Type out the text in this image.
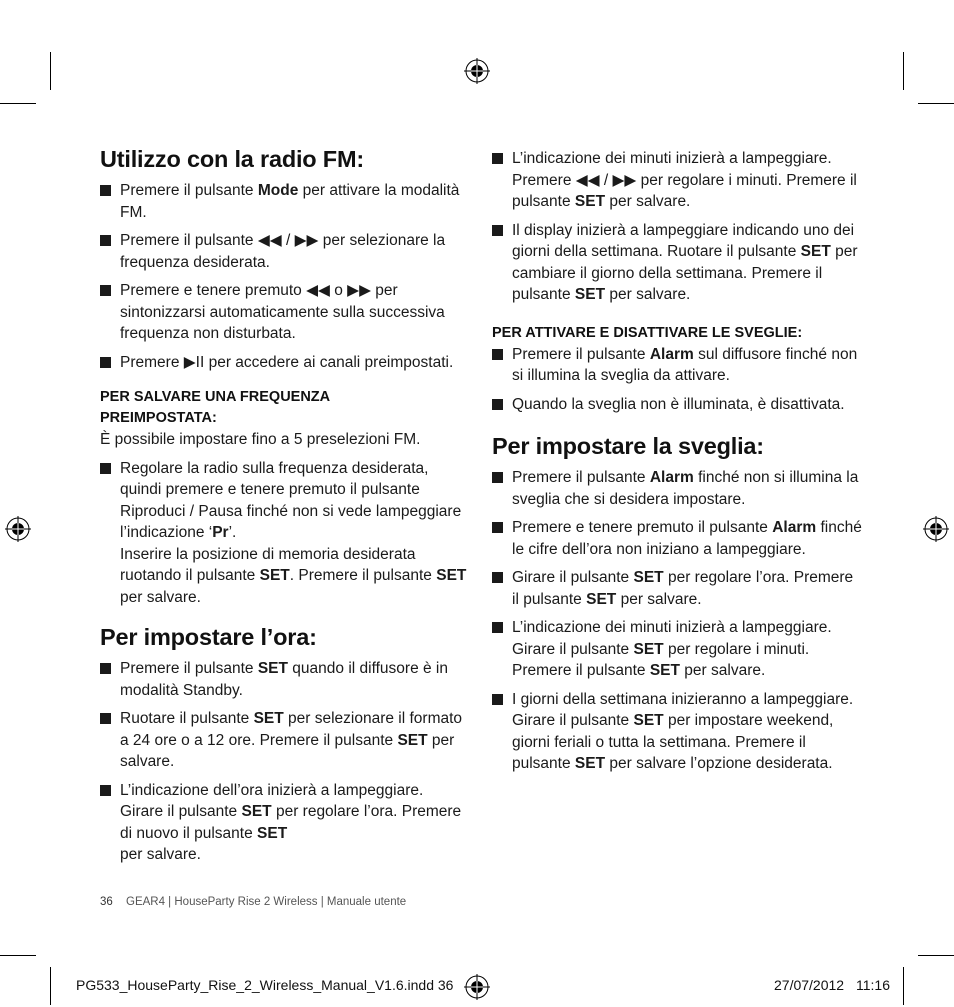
Utilizzo con la radio FM:
Premere il pulsante Mode per attivare la modalità FM.
Premere il pulsante ◀◀ / ▶▶ per selezionare la frequenza desiderata.
Premere e tenere premuto ◀◀ o ▶▶ per sintonizzarsi automaticamente sulla successiva frequenza non disturbata.
Premere ▶II per accedere ai canali preimpostati.
PER SALVARE UNA FREQUENZA PREIMPOSTATA:
È possibile impostare fino a 5 preselezioni FM.
Regolare la radio sulla frequenza desiderata, quindi premere e tenere premuto il pulsante Riproduci / Pausa finché non si vede lampeggiare l’indicazione ‘Pr’.
Inserire la posizione di memoria desiderata ruotando il pulsante SET. Premere il pulsante SET per salvare.
Per impostare l’ora:
Premere il pulsante SET quando il diffusore è in modalità Standby.
Ruotare il pulsante SET per selezionare il formato a 24 ore o a 12 ore. Premere il pulsante SET per salvare.
L’indicazione dell’ora inizierà a lampeggiare. Girare il pulsante SET per regolare l’ora. Premere di nuovo il pulsante SET
per salvare.
L’indicazione dei minuti inizierà a lampeggiare. Premere ◀◀ / ▶▶ per regolare i minuti. Premere il pulsante SET per salvare.
Il display inizierà a lampeggiare indicando uno dei giorni della settimana. Ruotare il pulsante SET per cambiare il giorno della settimana. Premere il pulsante SET per salvare.
PER ATTIVARE E DISATTIVARE LE SVEGLIE:
Premere il pulsante Alarm sul diffusore finché non si illumina la sveglia da attivare.
Quando la sveglia non è illuminata, è disattivata.
Per impostare la sveglia:
Premere il pulsante Alarm finché non si illumina la sveglia che si desidera impostare.
Premere e tenere premuto il pulsante Alarm finché le cifre dell’ora non iniziano a lampeggiare.
Girare il pulsante SET per regolare l’ora. Premere il pulsante SET per salvare.
L’indicazione dei minuti inizierà a lampeggiare. Girare il pulsante SET per regolare i minuti. Premere il pulsante SET per salvare.
I giorni della settimana inizieranno a lampeggiare. Girare il pulsante SET per impostare weekend, giorni feriali o tutta la settimana. Premere il pulsante SET per salvare l’opzione desiderata.
36 GEAR4 | HouseParty Rise 2 Wireless | Manuale utente
PG533_HouseParty_Rise_2_Wireless_Manual_V1.6.indd 36	27/07/2012 11:16
